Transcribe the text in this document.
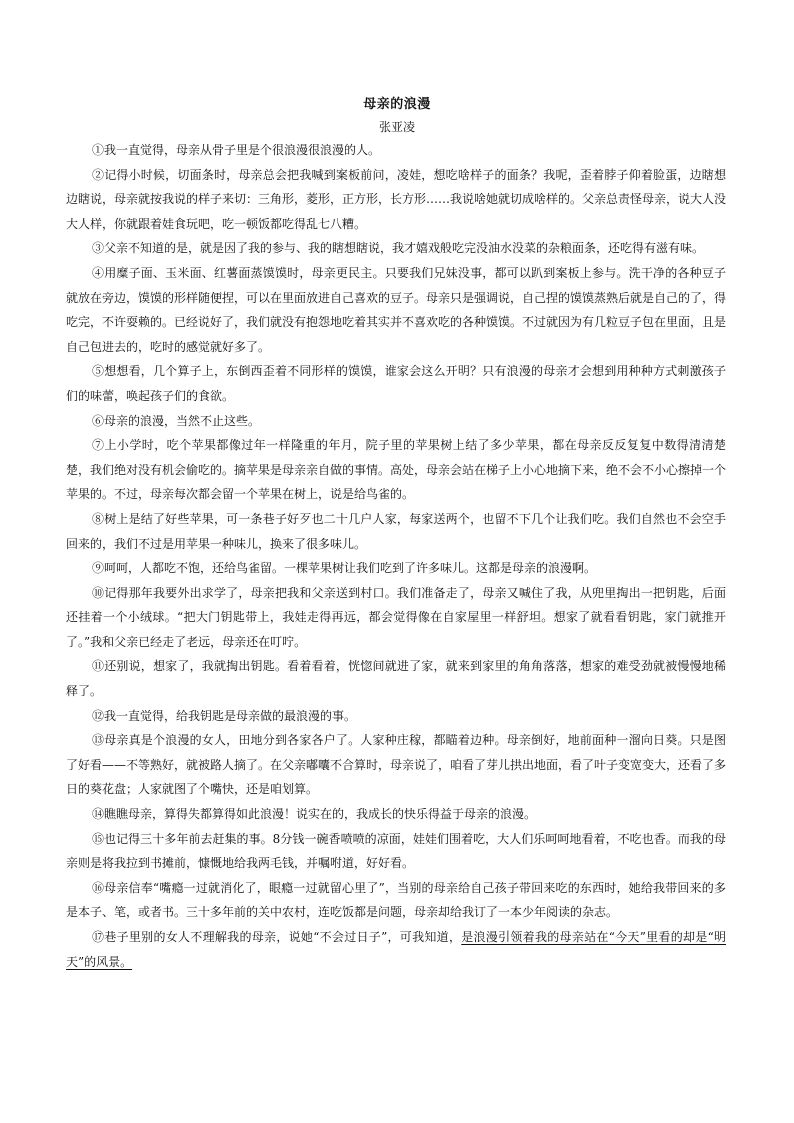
母亲的浪漫
张亚凌

①我一直觉得，母亲从骨子里是个很浪漫很浪漫的人。

②记得小时候，切面条时，母亲总会把我喊到案板前问，凌娃，想吃啥样子的面条？我呢，歪着脖子仰着脸蛋，边瞎想边瞎说，母亲就按我说的样子来切：三角形，菱形，正方形，长方形……我说啥她就切成啥样的。父亲总责怪母亲，说大人没大人样，你就跟着娃食玩吧，吃一顿饭都吃得乱七八糟。

③父亲不知道的是，就是因了我的参与、我的瞎想瞎说，我才嬉戏般吃完没油水没菜的杂粮面条，还吃得有滋有味。

④用糜子面、玉米面、红薯面蒸馍馍时，母亲更民主。只要我们兄妹没事，都可以趴到案板上参与。洗干净的各种豆子就放在旁边，馍馍的形样随便捏，可以在里面放进自己喜欢的豆子。母亲只是强调说，自己捏的馍馍蒸熟后就是自己的了，得吃完，不许耍赖的。已经说好了，我们就没有抱怨地吃着其实并不喜欢吃的各种馍馍。不过就因为有几粒豆子包在里面，且是自己包进去的，吃时的感觉就好多了。

⑤想想看，几个算子上，东倒西歪着不同形样的馍馍，谁家会这么开明？只有浪漫的母亲才会想到用种种方式刺激孩子们的味蕾，唤起孩子们的食欲。

⑥母亲的浪漫，当然不止这些。

⑦上小学时，吃个苹果都像过年一样隆重的年月，院子里的苹果树上结了多少苹果，都在母亲反反复复中数得清清楚楚，我们绝对没有机会偷吃的。摘苹果是母亲亲自做的事情。高处，母亲会站在梯子上小心地摘下来，绝不会不小心擦掉一个苹果的。不过，母亲每次都会留一个苹果在树上，说是给鸟雀的。

⑧树上是结了好些苹果，可一条巷子好歹也二十几户人家，每家送两个，也留不下几个让我们吃。我们自然也不会空手回来的，我们不过是用苹果一种味儿，换来了很多味儿。

⑨呵呵，人都吃不饱，还给鸟雀留。一棵苹果树让我们吃到了许多味儿。这都是母亲的浪漫啊。

⑩记得那年我要外出求学了，母亲把我和父亲送到村口。我们准备走了，母亲又喊住了我，从兜里掏出一把钥匙，后面还挂着一个小绒球。“把大门钥匙带上，我娃走得再远，都会觉得像在自家屋里一样舒坦。想家了就看看钥匙，家门就推开了。”我和父亲已经走了老远，母亲还在叮咛。

⑪还别说，想家了，我就掏出钥匙。看着看着，恍惚间就进了家，就来到家里的角角落落，想家的难受劲就被慢慢地稀释了。

⑫我一直觉得，给我钥匙是母亲做的最浪漫的事。

⑬母亲真是个浪漫的女人，田地分到各家各户了。人家种庄稼，都瞄着边种。母亲倒好，地前面种一溜向日葵。只是图了好看——不等熟好，就被路人摘了。在父亲嘟囔不合算时，母亲说了，咱看了芽儿拱出地面，看了叶子变宽变大，还看了多日的葵花盘；人家就图了个嘴快，还是咱划算。

⑭瞧瞧母亲，算得失都算得如此浪漫！说实在的，我成长的快乐得益于母亲的浪漫。

⑮也记得三十多年前去赶集的事。8分钱一碗香喷喷的凉面，娃娃们围着吃，大人们乐呵呵地看着，不吃也香。而我的母亲则是将我拉到书摊前，慷慨地给我两毛钱，并嘱咐道，好好看。

⑯母亲信奉“嘴瘾一过就消化了，眼瘾一过就留心里了”，当别的母亲给自己孩子带回来吃的东西时，她给我带回来的多是本子、笔，或者书。三十多年前的关中农村，连吃饭都是问题，母亲却给我订了一本少年阅读的杂志。

⑰巷子里别的女人不理解我的母亲，说她“不会过日子”，可我知道，是浪漫引领着我的母亲站在“今天”里看的却是“明天”的风景。
